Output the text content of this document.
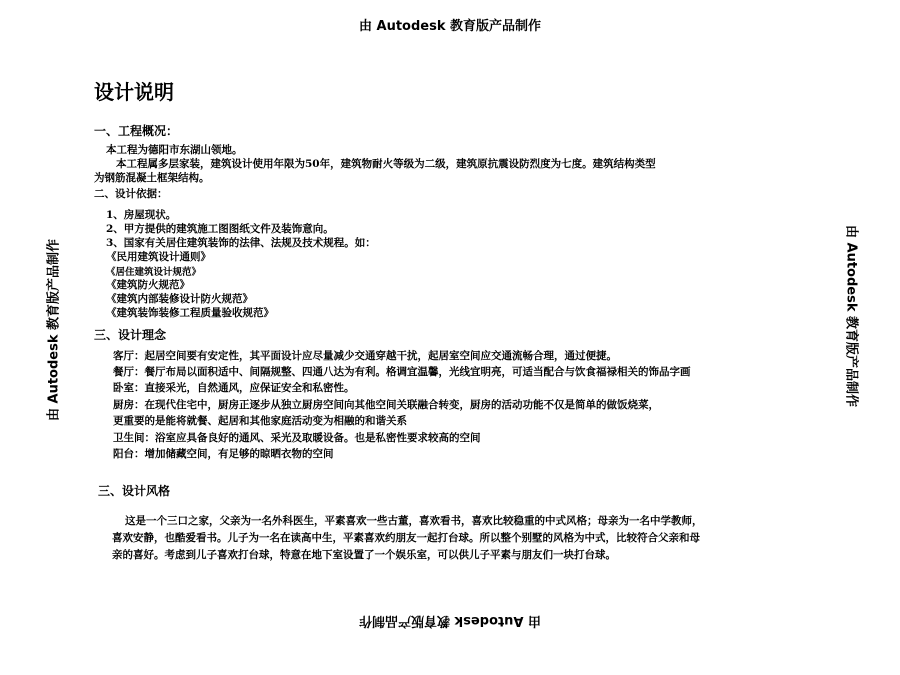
由 Autodesk 教育版产品制作
由 Autodesk 教育版产品制作	由 Autodesk 教育版产品制作
由 Autodesk 教育版产品制作
设计说明
一、工程概况：
本工程为德阳市东湖山领地。
本工程属多层家装，建筑设计使用年限为50年，建筑物耐火等级为二级，建筑原抗震设防烈度为七度。建筑结构类型
为钢筋混凝土框架结构。
二、设计依据：
1、房屋现状。
2、甲方提供的建筑施工图图纸文件及装饰意向。
3、国家有关居住建筑装饰的法律、法规及技术规程。如：
《民用建筑设计通则》
《居住建筑设计规范》
《建筑防火规范》
《建筑内部装修设计防火规范》
《建筑装饰装修工程质量验收规范》
三、设计理念
客厅：起居空间要有安定性，其平面设计应尽量减少交通穿越干扰，起居室空间应交通流畅合理，通过便捷。
餐厅：餐厅布局以面积适中、间隔规整、四通八达为有利。格调宜温馨，光线宜明亮，可适当配合与饮食福禄相关的饰品字画
卧室：直接采光，自然通风，应保证安全和私密性。
厨房：在现代住宅中，厨房正逐步从独立厨房空间向其他空间关联融合转变，厨房的活动功能不仅是简单的做饭烧菜，
更重要的是能将就餐、起居和其他家庭活动变为相融的和谐关系
卫生间：浴室应具备良好的通风、采光及取暖设备。也是私密性要求较高的空间
阳台：增加储藏空间，有足够的晾晒衣物的空间
三、设计风格
这是一个三口之家，父亲为一名外科医生，平素喜欢一些古董，喜欢看书，喜欢比较稳重的中式风格；母亲为一名中学教师，
喜欢安静，也酷爱看书。儿子为一名在读高中生，平素喜欢约朋友一起打台球。所以整个别墅的风格为中式，比较符合父亲和母
亲的喜好。考虑到儿子喜欢打台球，特意在地下室设置了一个娱乐室，可以供儿子平素与朋友们一块打台球。
